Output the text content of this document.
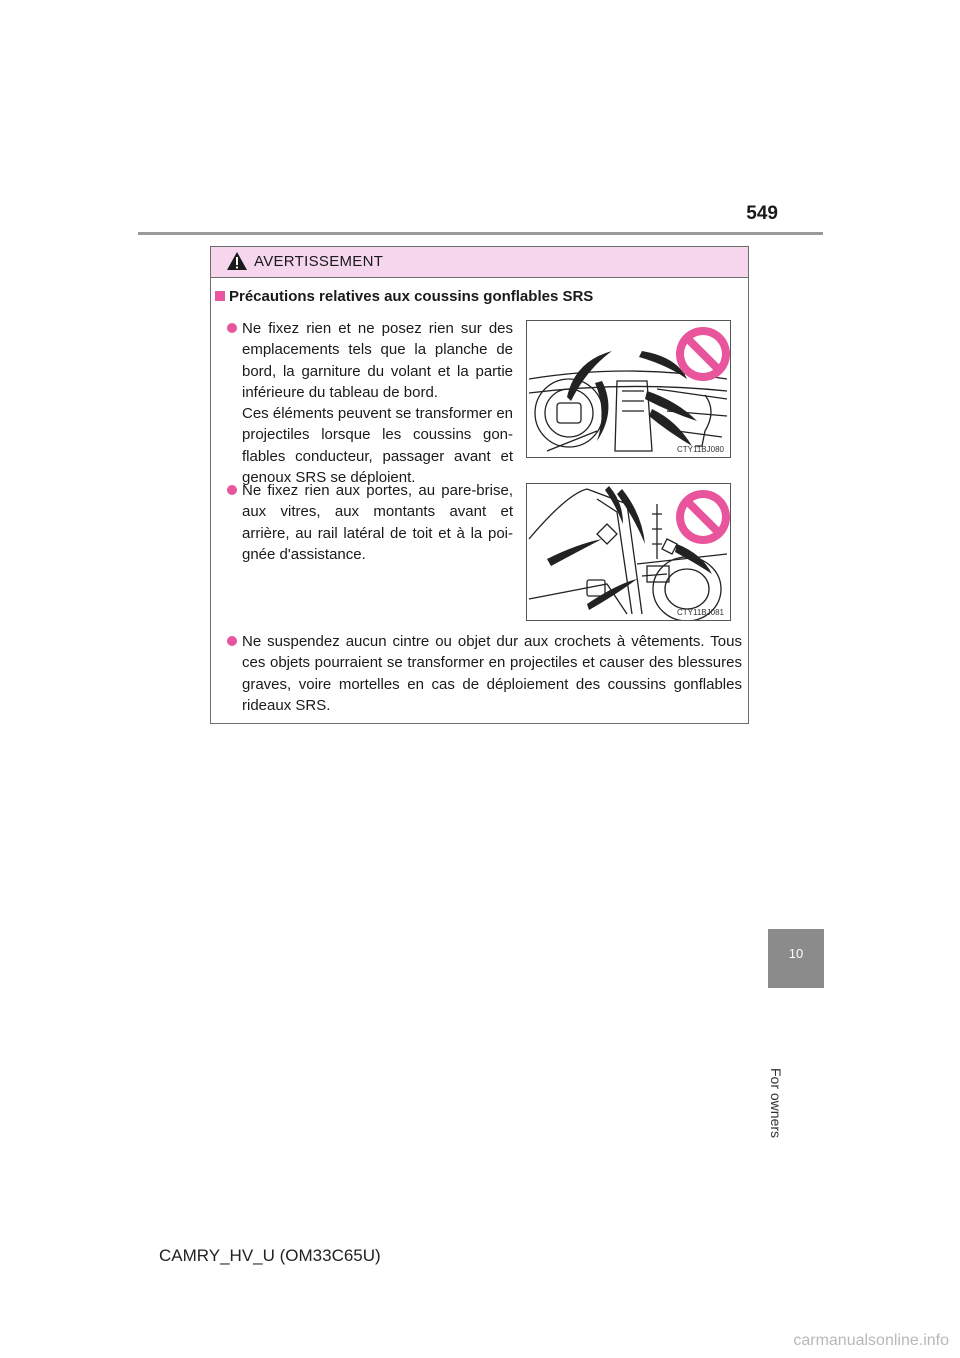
549
AVERTISSEMENT
Précautions relatives aux coussins gonflables SRS
Ne fixez rien et ne posez rien sur des emplacements tels que la planche de bord, la garniture du volant et la partie inférieure du tableau de bord.
Ces éléments peuvent se transformer en projectiles lorsque les coussins gon-flables conducteur, passager avant et genoux SRS se déploient.
CTY11BJ080
Ne fixez rien aux portes, au pare-brise, aux vitres, aux montants avant et arrière, au rail latéral de toit et à la poi-gnée d'assistance.
CTY11BJ081
Ne suspendez aucun cintre ou objet dur aux crochets à vêtements. Tous ces objets pourraient se transformer en projectiles et causer des blessures graves, voire mortelles en cas de déploiement des coussins gonflables rideaux SRS.
10
For owners
CAMRY_HV_U (OM33C65U)
carmanualsonline.info
